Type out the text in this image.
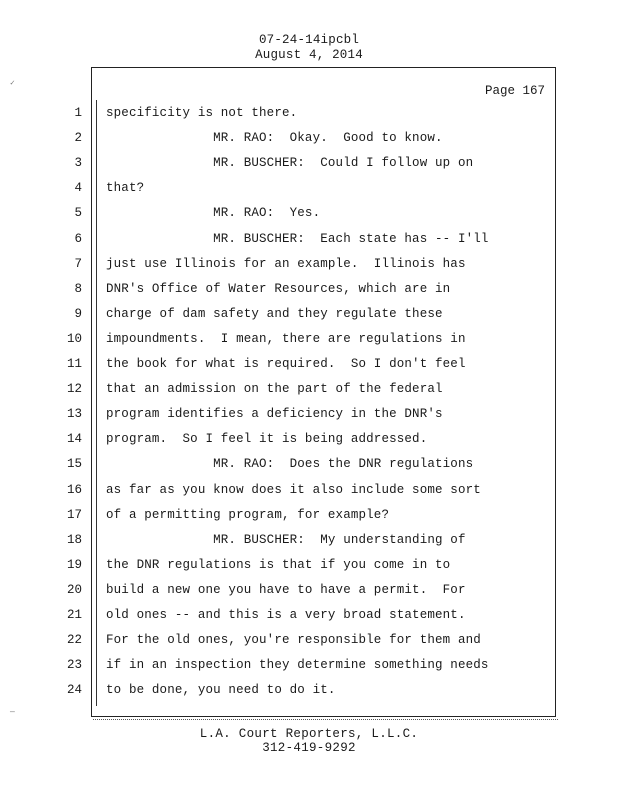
07-24-14ipcbl
August 4, 2014
✓
—
Page 167
1 specificity is not there.
2 MR. RAO:  Okay.  Good to know.
3 MR. BUSCHER:  Could I follow up on
4 that?
5 MR. RAO:  Yes.
6 MR. BUSCHER:  Each state has -- I'll
7 just use Illinois for an example.  Illinois has
8 DNR's Office of Water Resources, which are in
9 charge of dam safety and they regulate these
10 impoundments.  I mean, there are regulations in
11 the book for what is required.  So I don't feel
12 that an admission on the part of the federal
13 program identifies a deficiency in the DNR's
14 program.  So I feel it is being addressed.
15 MR. RAO:  Does the DNR regulations
16 as far as you know does it also include some sort
17 of a permitting program, for example?
18 MR. BUSCHER:  My understanding of
19 the DNR regulations is that if you come in to
20 build a new one you have to have a permit.  For
21 old ones -- and this is a very broad statement.
22 For the old ones, you're responsible for them and
23 if in an inspection they determine something needs
24 to be done, you need to do it.
L.A. Court Reporters, L.L.C.
312-419-9292
